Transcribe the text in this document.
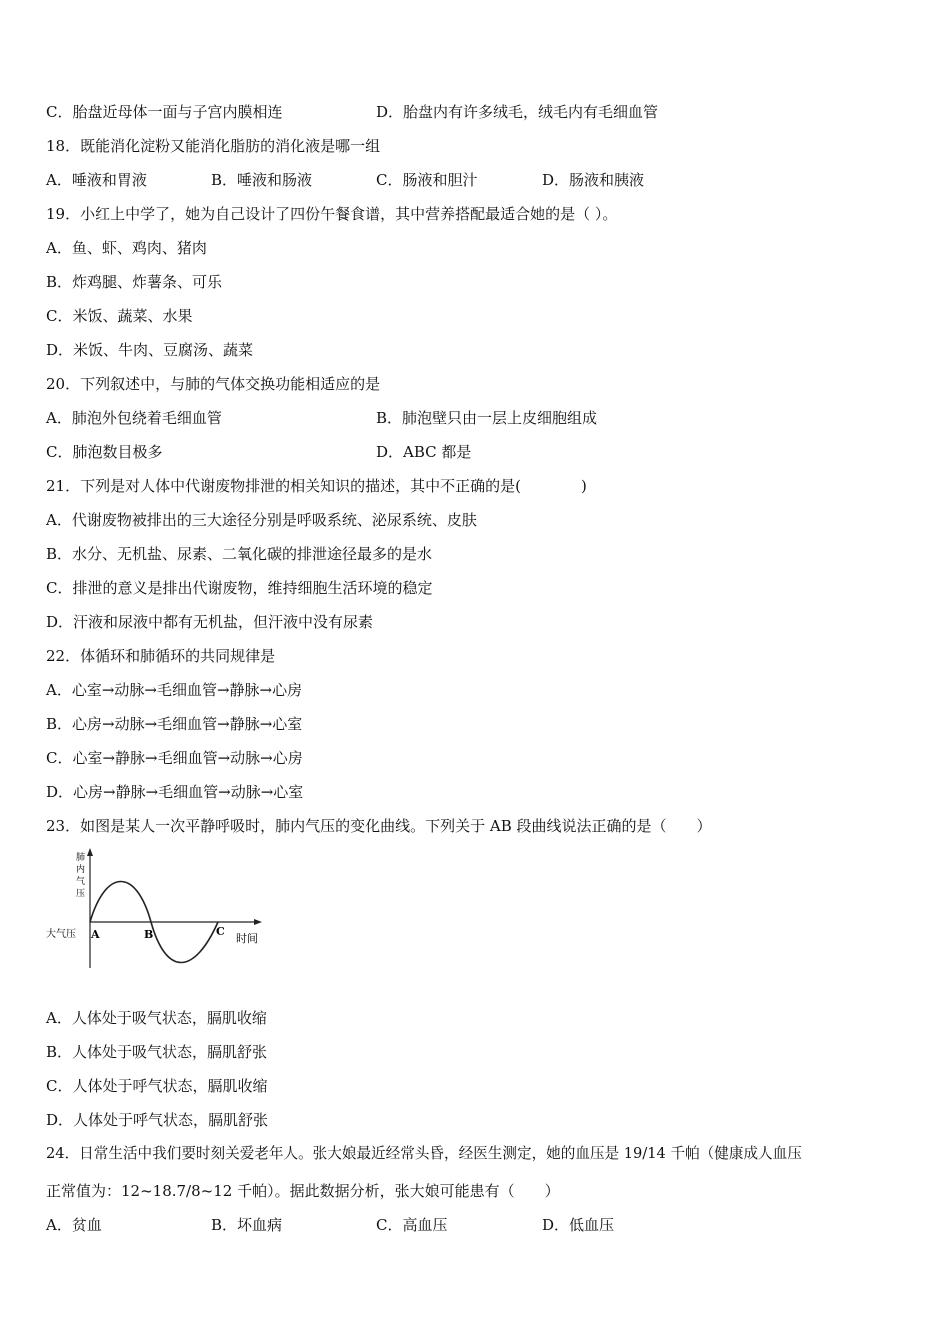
C．胎盘近母体一面与子宫内膜相连	D．胎盘内有许多绒毛，绒毛内有毛细血管
18．既能消化淀粉又能消化脂肪的消化液是哪一组
A．唾液和胃液	B．唾液和肠液	C．肠液和胆汁	D．肠液和胰液
19．小红上中学了，她为自己设计了四份午餐食谱，其中营养搭配最适合她的是（ ）。
A．鱼、虾、鸡肉、猪肉
B．炸鸡腿、炸薯条、可乐
C．米饭、蔬菜、水果
D．米饭、牛肉、豆腐汤、蔬菜
20．下列叙述中，与肺的气体交换功能相适应的是
A．肺泡外包绕着毛细血管	B．肺泡壁只由一层上皮细胞组成
C．肺泡数目极多	D．ABC 都是
21．下列是对人体中代谢废物排泄的相关知识的描述，其中不正确的是(　　　　)
A．代谢废物被排出的三大途径分别是呼吸系统、泌尿系统、皮肤
B．水分、无机盐、尿素、二氧化碳的排泄途径最多的是水
C．排泄的意义是排出代谢废物，维持细胞生活环境的稳定
D．汗液和尿液中都有无机盐，但汗液中没有尿素
22．体循环和肺循环的共同规律是
A．心室→动脉→毛细血管→静脉→心房
B．心房→动脉→毛细血管→静脉→心室
C．心室→静脉→毛细血管→动脉→心房
D．心房→静脉→毛细血管→动脉→心室
23．如图是某人一次平静呼吸时，肺内气压的变化曲线。下列关于 AB 段曲线说法正确的是（　　）
肺
内
气
压
大气压 A	B	C
时间
A．人体处于吸气状态，膈肌收缩
B．人体处于吸气状态，膈肌舒张
C．人体处于呼气状态，膈肌收缩
D．人体处于呼气状态，膈肌舒张
24．日常生活中我们要时刻关爱老年人。张大娘最近经常头昏，经医生测定，她的血压是 19/14 千帕（健康成人血压
正常值为：12~18.7/8~12 千帕）。据此数据分析，张大娘可能患有（　　）
A．贫血	B．坏血病	C．高血压	D．低血压
